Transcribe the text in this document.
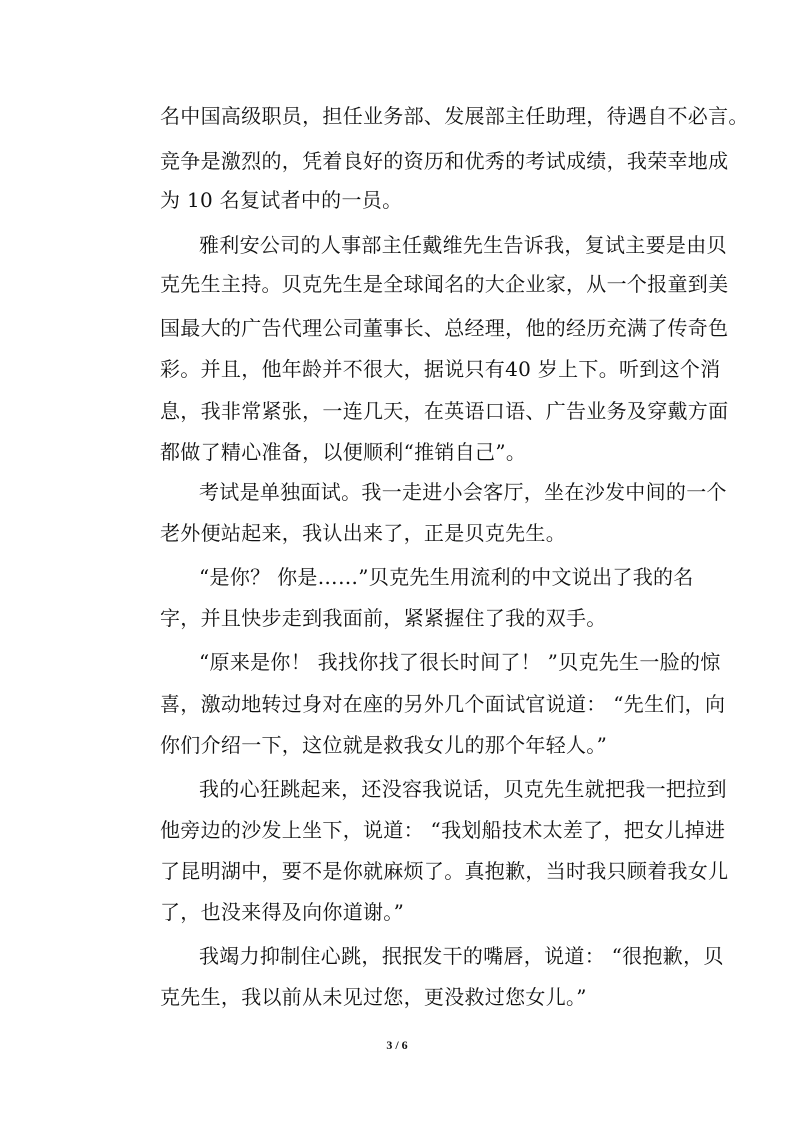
名中国高级职员，担任业务部、发展部主任助理，待遇自不必言。
竞争是激烈的，凭着良好的资历和优秀的考试成绩，我荣幸地成
为 10 名复试者中的一员。
雅利安公司的人事部主任戴维先生告诉我，复试主要是由贝
克先生主持。贝克先生是全球闻名的大企业家，从一个报童到美
国最大的广告代理公司董事长、总经理，他的经历充满了传奇色
彩。并且，他年龄并不很大，据说只有40 岁上下。听到这个消
息，我非常紧张，一连几天，在英语口语、广告业务及穿戴方面
都做了精心准备，以便顺利“推销自己”。
考试是单独面试。我一走进小会客厅，坐在沙发中间的一个
老外便站起来，我认出来了，正是贝克先生。
“是你？ 你是……”贝克先生用流利的中文说出了我的名
字，并且快步走到我面前，紧紧握住了我的双手。
“原来是你！ 我找你找了很长时间了！ ”贝克先生一脸的惊
喜，激动地转过身对在座的另外几个面试官说道： “先生们，向
你们介绍一下，这位就是救我女儿的那个年轻人。”
我的心狂跳起来，还没容我说话，贝克先生就把我一把拉到
他旁边的沙发上坐下，说道： “我划船技术太差了，把女儿掉进
了昆明湖中，要不是你就麻烦了。真抱歉，当时我只顾着我女儿
了，也没来得及向你道谢。”
我竭力抑制住心跳，抿抿发干的嘴唇，说道： “很抱歉，贝
克先生，我以前从未见过您，更没救过您女儿。”
3 / 6
